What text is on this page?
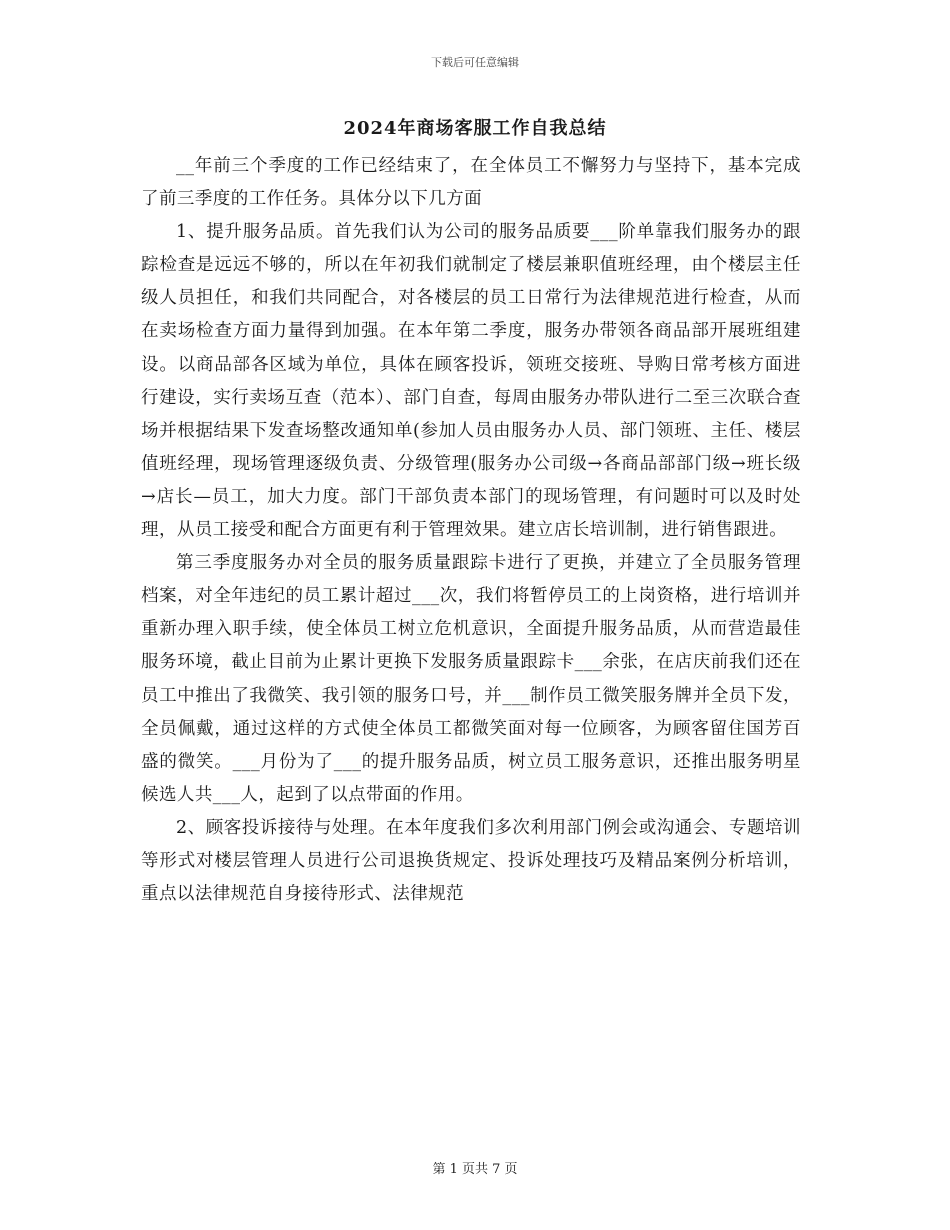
下载后可任意编辑
2024年商场客服工作自我总结

__年前三个季度的工作已经结束了，在全体员工不懈努力与坚持下，基本完成了前三季度的工作任务。具体分以下几方面

1、提升服务品质。首先我们认为公司的服务品质要___阶单靠我们服务办的跟踪检查是远远不够的，所以在年初我们就制定了楼层兼职值班经理，由个楼层主任级人员担任，和我们共同配合，对各楼层的员工日常行为法律规范进行检查，从而在卖场检查方面力量得到加强。在本年第二季度，服务办带领各商品部开展班组建设。以商品部各区域为单位，具体在顾客投诉，领班交接班、导购日常考核方面进行建设，实行卖场互查（范本）、部门自查，每周由服务办带队进行二至三次联合查场并根据结果下发查场整改通知单(参加人员由服务办人员、部门领班、主任、楼层值班经理，现场管理逐级负责、分级管理(服务办公司级→各商品部部门级→班长级→店长—员工，加大力度。部门干部负责本部门的现场管理，有问题时可以及时处理，从员工接受和配合方面更有利于管理效果。建立店长培训制，进行销售跟进。

第三季度服务办对全员的服务质量跟踪卡进行了更换，并建立了全员服务管理档案，对全年违纪的员工累计超过___次，我们将暂停员工的上岗资格，进行培训并重新办理入职手续，使全体员工树立危机意识，全面提升服务品质，从而营造最佳服务环境，截止目前为止累计更换下发服务质量跟踪卡___余张，在店庆前我们还在员工中推出了我微笑、我引领的服务口号，并___制作员工微笑服务牌并全员下发，全员佩戴，通过这样的方式使全体员工都微笑面对每一位顾客，为顾客留住国芳百盛的微笑。___月份为了___的提升服务品质，树立员工服务意识，还推出服务明星候选人共___人，起到了以点带面的作用。

2、顾客投诉接待与处理。在本年度我们多次利用部门例会或沟通会、专题培训等形式对楼层管理人员进行公司退换货规定、投诉处理技巧及精品案例分析培训，重点以法律规范自身接待形式、法律规范

第 1 页共 7 页
